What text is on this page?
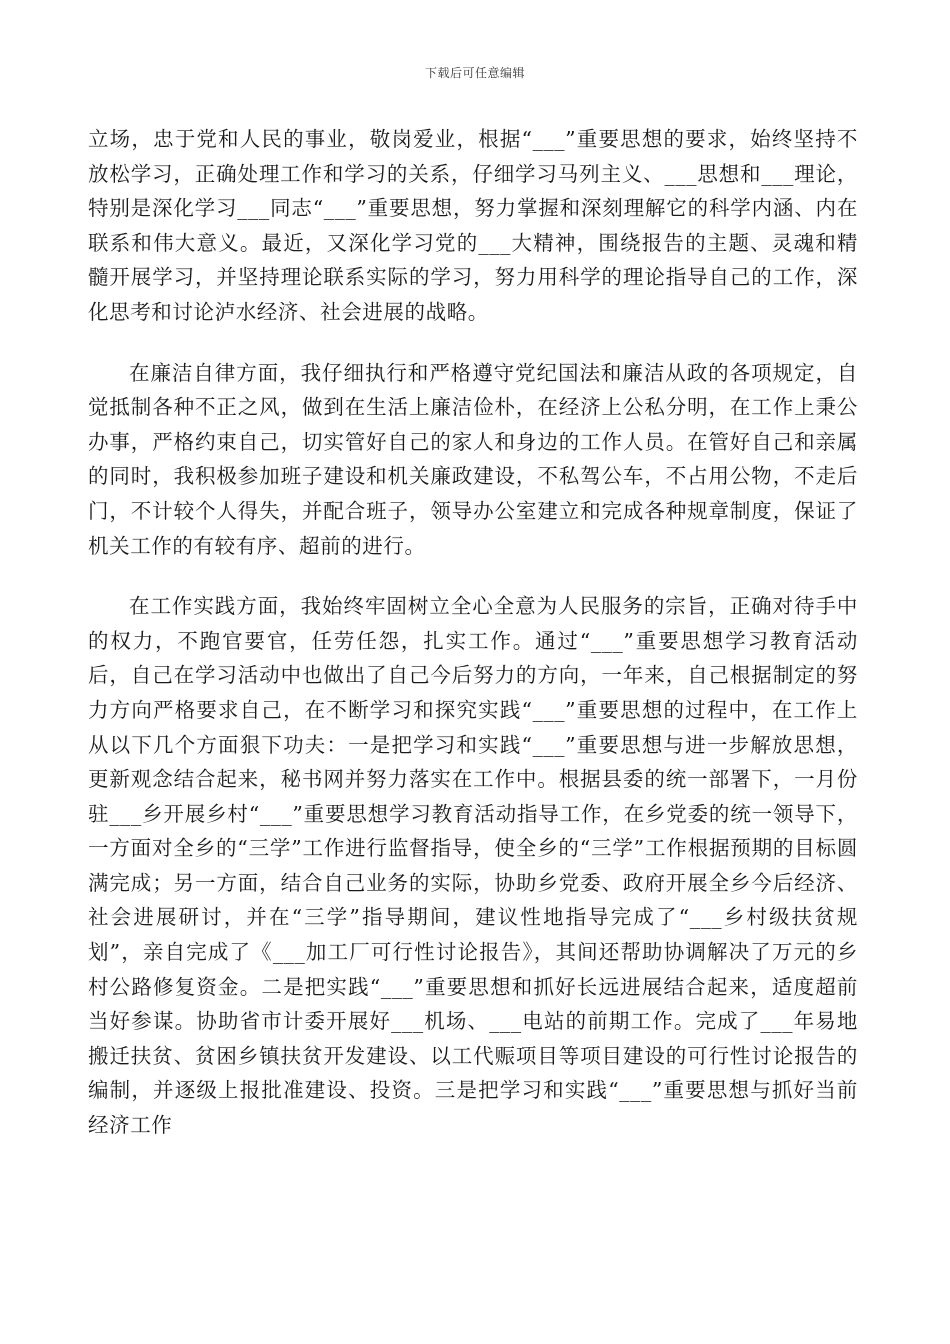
下载后可任意编辑

立场，忠于党和人民的事业，敬岗爱业，根据“___”重要思想的要求，始终坚持不放松学习，正确处理工作和学习的关系，仔细学习马列主义、___思想和___理论，特别是深化学习___同志“___”重要思想，努力掌握和深刻理解它的科学内涵、内在联系和伟大意义。最近，又深化学习党的___大精神，围绕报告的主题、灵魂和精髓开展学习，并坚持理论联系实际的学习，努力用科学的理论指导自己的工作，深化思考和讨论泸水经济、社会进展的战略。

在廉洁自律方面，我仔细执行和严格遵守党纪国法和廉洁从政的各项规定，自觉抵制各种不正之风，做到在生活上廉洁俭朴，在经济上公私分明，在工作上秉公办事，严格约束自己，切实管好自己的家人和身边的工作人员。在管好自己和亲属的同时，我积极参加班子建设和机关廉政建设，不私驾公车，不占用公物，不走后门，不计较个人得失，并配合班子，领导办公室建立和完成各种规章制度，保证了机关工作的有较有序、超前的进行。

在工作实践方面，我始终牢固树立全心全意为人民服务的宗旨，正确对待手中的权力，不跑官要官，任劳任怨，扎实工作。通过“___”重要思想学习教育活动后，自己在学习活动中也做出了自己今后努力的方向，一年来，自己根据制定的努力方向严格要求自己，在不断学习和探究实践“___”重要思想的过程中，在工作上从以下几个方面狠下功夫：一是把学习和实践“___”重要思想与进一步解放思想，更新观念结合起来，秘书网并努力落实在工作中。根据县委的统一部署下，一月份驻___乡开展乡村“___”重要思想学习教育活动指导工作，在乡党委的统一领导下，一方面对全乡的“三学”工作进行监督指导，使全乡的“三学”工作根据预期的目标圆满完成；另一方面，结合自己业务的实际，协助乡党委、政府开展全乡今后经济、社会进展研讨，并在“三学”指导期间，建议性地指导完成了“___乡村级扶贫规划”，亲自完成了《___加工厂可行性讨论报告》，其间还帮助协调解决了万元的乡村公路修复资金。二是把实践“___”重要思想和抓好长远进展结合起来，适度超前当好参谋。协助省市计委开展好___机场、___电站的前期工作。完成了___年易地搬迁扶贫、贫困乡镇扶贫开发建设、以工代赈项目等项目建设的可行性讨论报告的编制，并逐级上报批准建设、投资。三是把学习和实践“___”重要思想与抓好当前经济工作
